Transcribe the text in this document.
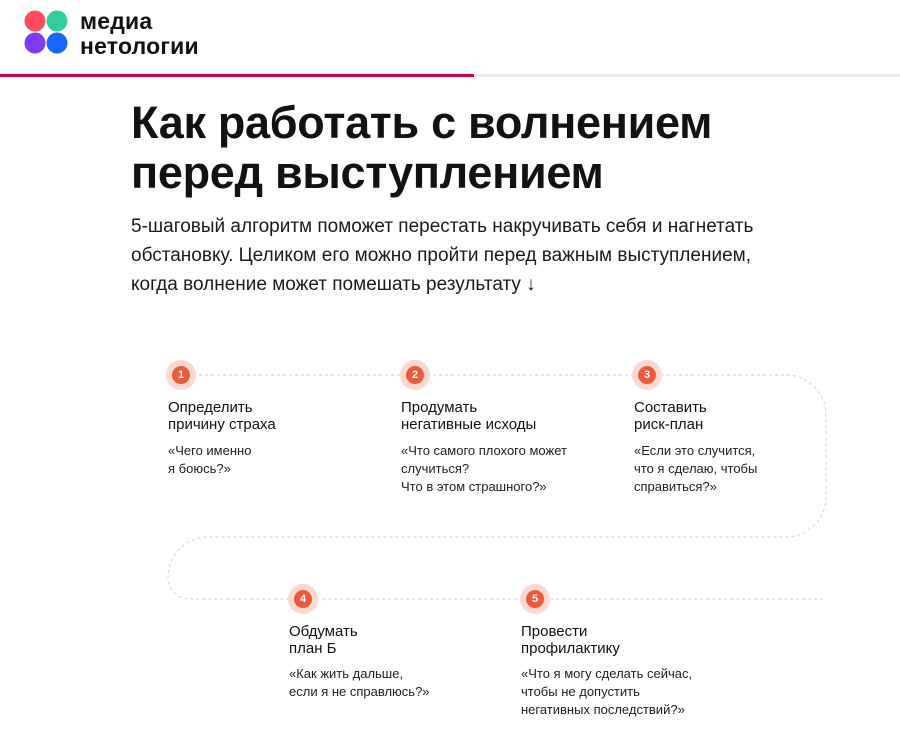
медиа
нетологии
Как работать с волнением
перед выступлением
5-шаговый алгоритм поможет перестать накручивать себя и нагнетать
обстановку. Целиком его можно пройти перед важным выступлением,
когда волнение может помешать результату ↓
1
Определить
причину страха
«Чего именно
я боюсь?»
2
Продумать
негативные исходы
«Что самого плохого может
случиться?
Что в этом страшного?»
3
Составить
риск-план
«Если это случится,
что я сделаю, чтобы
справиться?»
4
Обдумать
план Б
«Как жить дальше,
если я не справлюсь?»
5
Провести
профилактику
«Что я могу сделать сейчас,
чтобы не допустить
негативных последствий?»
